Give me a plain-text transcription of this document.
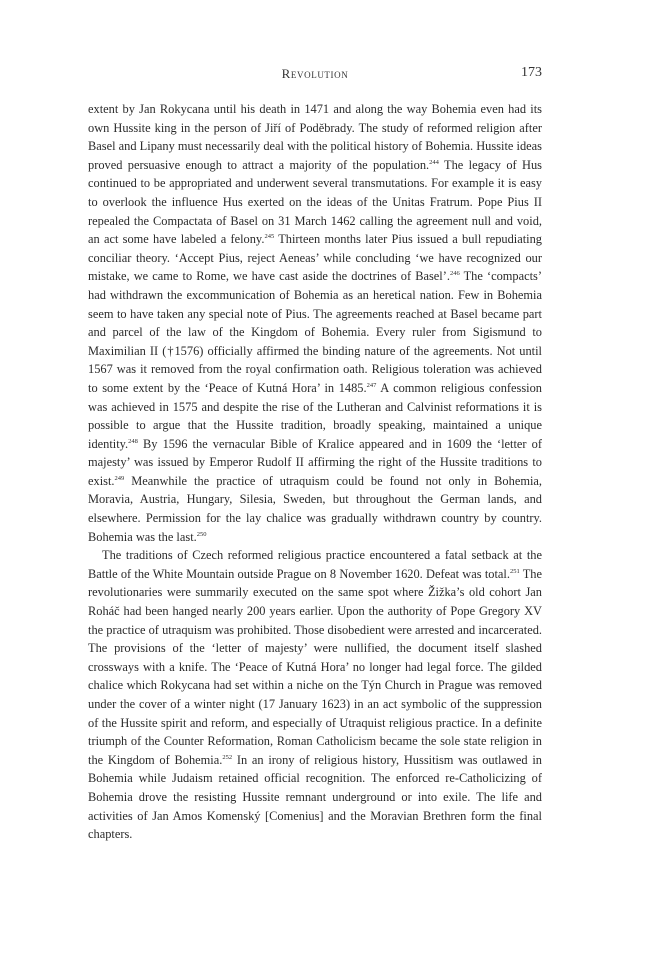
Revolution	173

extent by Jan Rokycana until his death in 1471 and along the way Bohemia even had its own Hussite king in the person of Jiří of Poděbrady. The study of reformed religion after Basel and Lipany must necessarily deal with the political history of Bohemia. Hussite ideas proved persuasive enough to attract a majority of the population.$^{244}$ The legacy of Hus continued to be appropriated and underwent several transmutations. For example it is easy to overlook the influence Hus exerted on the ideas of the Unitas Fratrum. Pope Pius II repealed the Compactata of Basel on 31 March 1462 calling the agreement null and void, an act some have labeled a felony.$^{245}$ Thirteen months later Pius issued a bull repudiating conciliar theory. ‘Accept Pius, reject Aeneas’ while concluding ‘we have recognized our mistake, we came to Rome, we have cast aside the doctrines of Basel’.$^{246}$ The ‘compacts’ had withdrawn the excommunication of Bohemia as an heretical nation. Few in Bohemia seem to have taken any special note of Pius. The agreements reached at Basel became part and parcel of the law of the Kingdom of Bohemia. Every ruler from Sigismund to Maximilian II (†1576) officially affirmed the binding nature of the agreements. Not until 1567 was it removed from the royal confirmation oath. Religious toleration was achieved to some extent by the ‘Peace of Kutná Hora’ in 1485.$^{247}$ A common religious confession was achieved in 1575 and despite the rise of the Lutheran and Calvinist reformations it is possible to argue that the Hussite tradition, broadly speaking, maintained a unique identity.$^{248}$ By 1596 the vernacular Bible of Kralice appeared and in 1609 the ‘letter of majesty’ was issued by Emperor Rudolf II affirming the right of the Hussite traditions to exist.$^{249}$ Meanwhile the practice of utraquism could be found not only in Bohemia, Moravia, Austria, Hungary, Silesia, Sweden, but throughout the German lands, and elsewhere. Permission for the lay chalice was gradually withdrawn country by country. Bohemia was the last.$^{250}$

The traditions of Czech reformed religious practice encountered a fatal setback at the Battle of the White Mountain outside Prague on 8 November 1620. Defeat was total.$^{251}$ The revolutionaries were summarily executed on the same spot where Žižka’s old cohort Jan Roháč had been hanged nearly 200 years earlier. Upon the authority of Pope Gregory XV the practice of utraquism was prohibited. Those disobedient were arrested and incarcerated. The provisions of the ‘letter of majesty’ were nullified, the document itself slashed crossways with a knife. The ‘Peace of Kutná Hora’ no longer had legal force. The gilded chalice which Rokycana had set within a niche on the Týn Church in Prague was removed under the cover of a winter night (17 January 1623) in an act symbolic of the suppression of the Hussite spirit and reform, and especially of Utraquist religious practice. In a definite triumph of the Counter Reformation, Roman Catholicism became the sole state religion in the Kingdom of Bohemia.$^{252}$ In an irony of religious history, Hussitism was outlawed in Bohemia while Judaism retained official recognition. The enforced re-Catholicizing of Bohemia drove the resisting Hussite remnant underground or into exile. The life and activities of Jan Amos Komenský [Comenius] and the Moravian Brethren form the final chapters.
